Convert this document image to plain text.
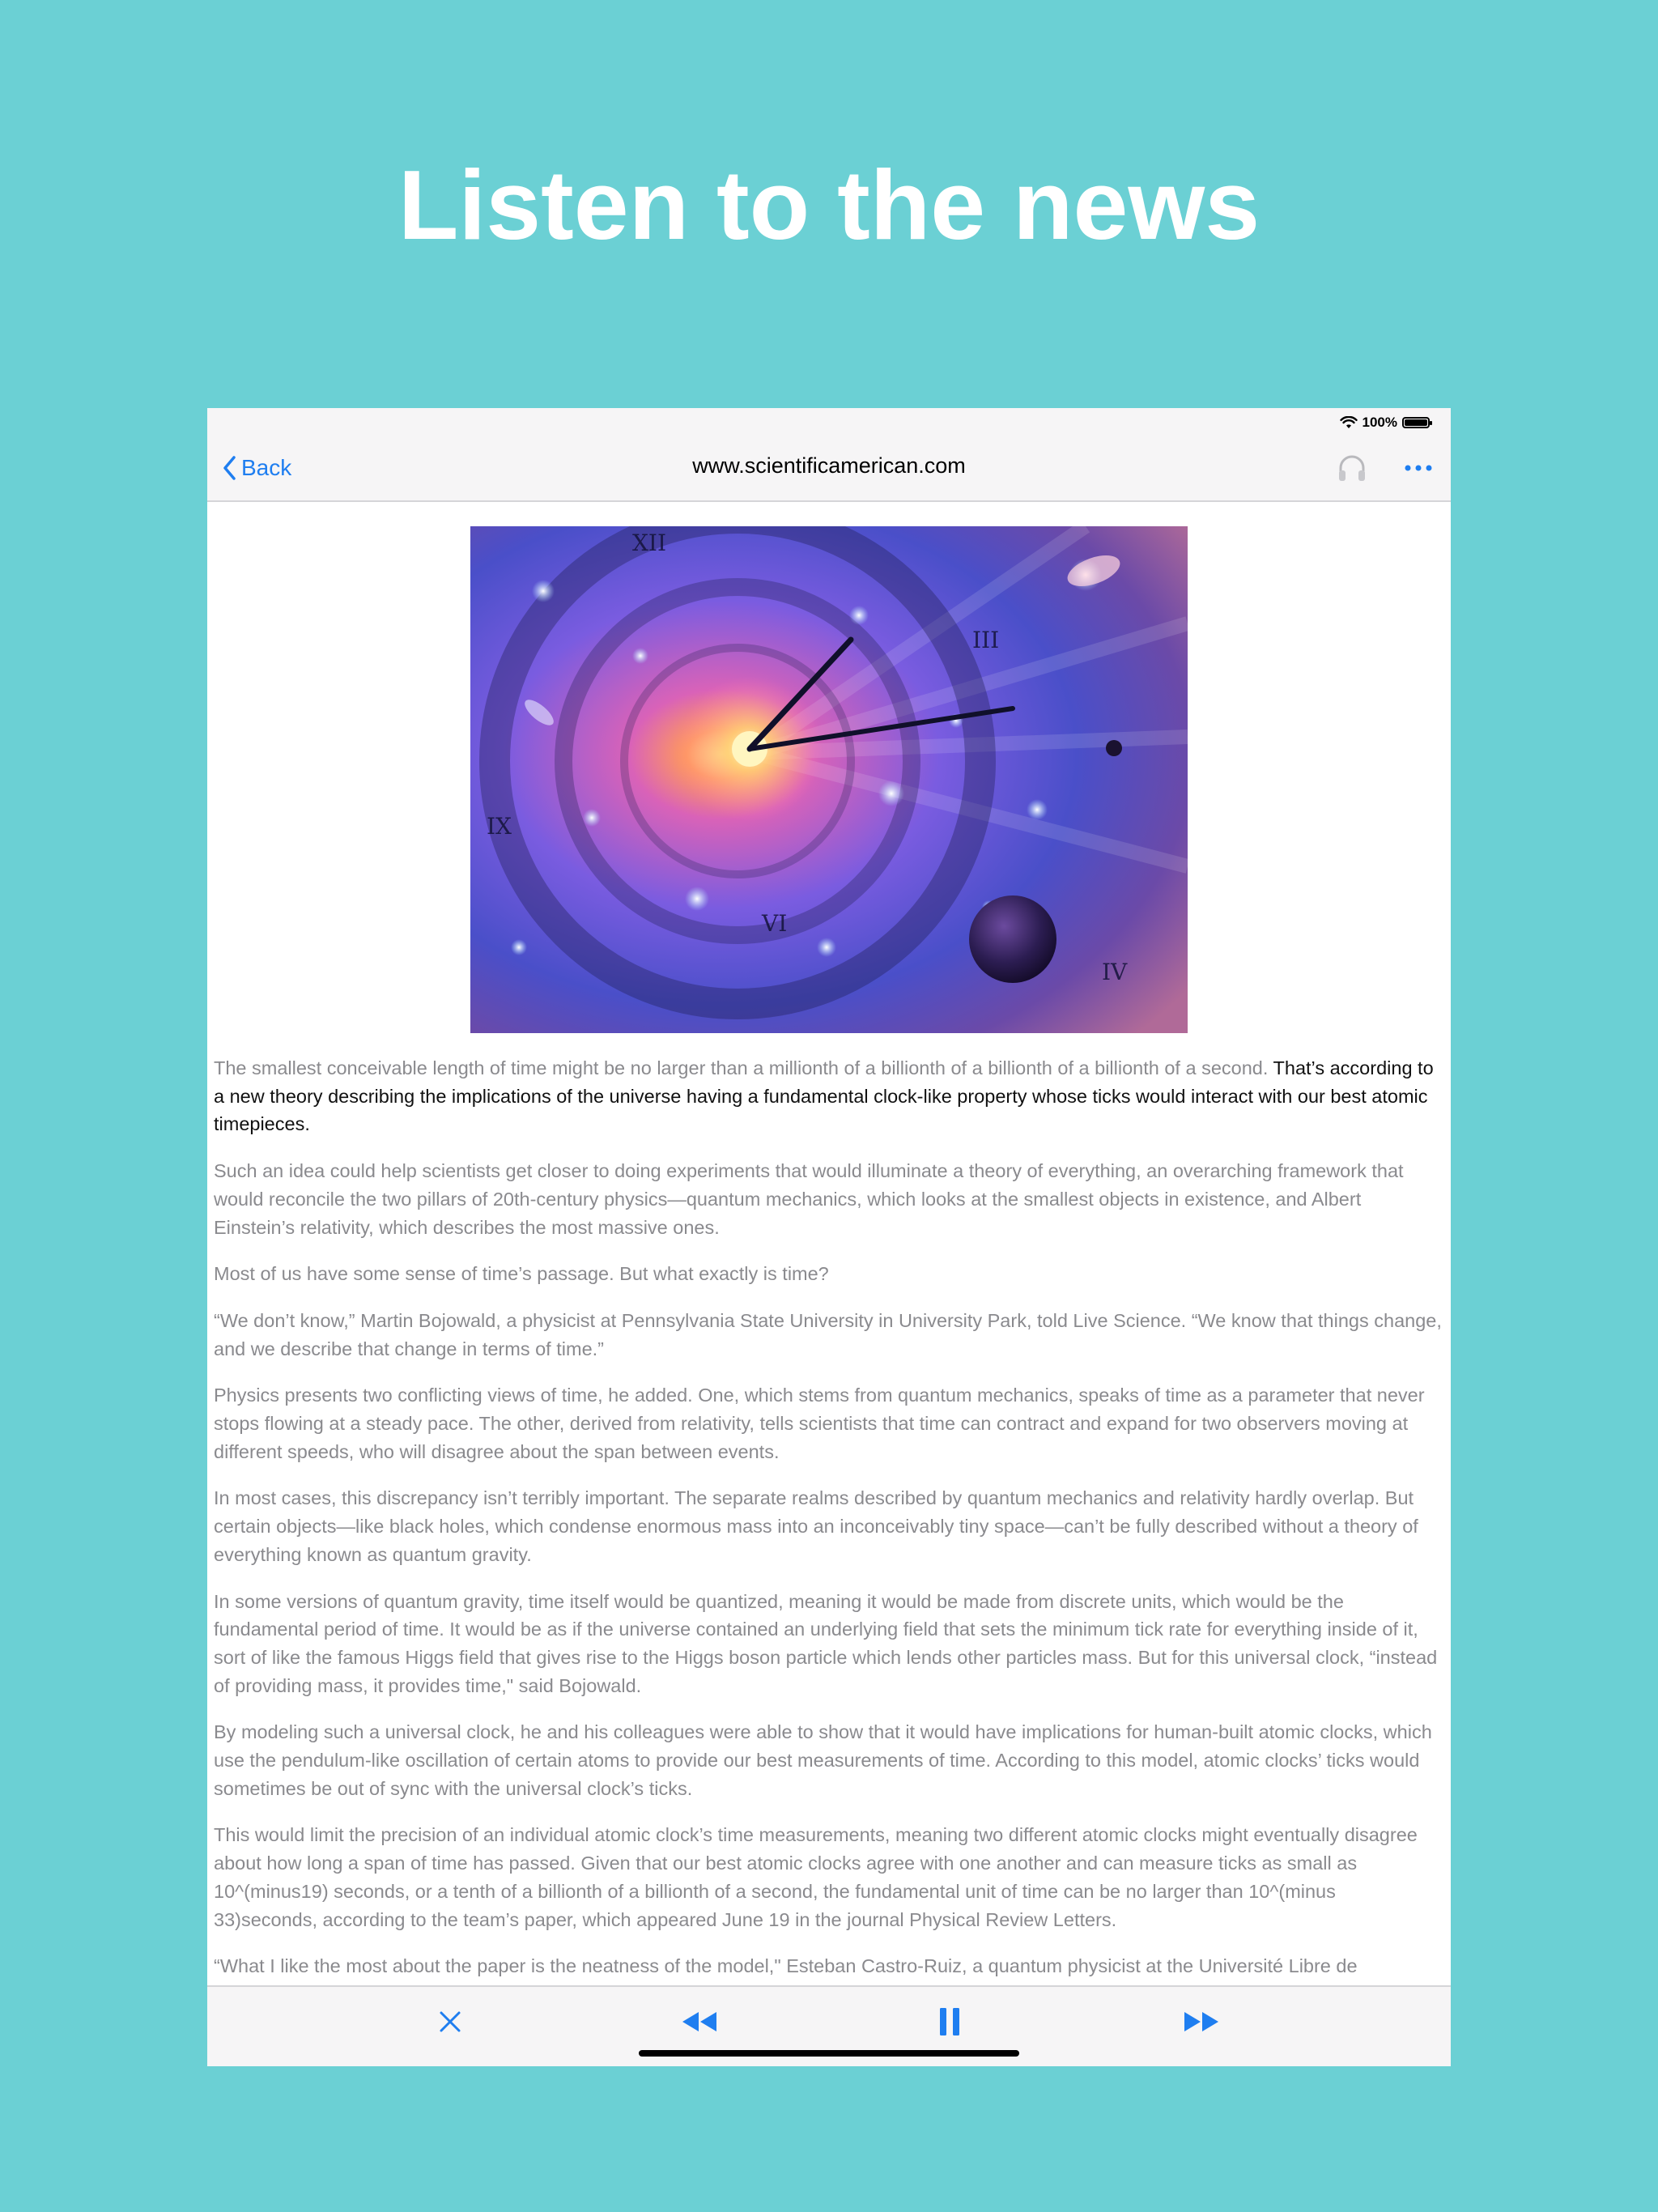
Listen to the news
100%
Back	www.scientificamerican.com
XII
III
IX
VI
IV

The smallest conceivable length of time might be no larger than a millionth of a billionth of a billionth of a billionth of a second. That’s according to a new theory describing the implications of the universe having a fundamental clock-like property whose ticks would interact with our best atomic timepieces.

Such an idea could help scientists get closer to doing experiments that would illuminate a theory of everything, an overarching framework that would reconcile the two pillars of 20th-century physics—quantum mechanics, which looks at the smallest objects in existence, and Albert Einstein’s relativity, which describes the most massive ones.

Most of us have some sense of time’s passage. But what exactly is time?

“We don’t know,” Martin Bojowald, a physicist at Pennsylvania State University in University Park, told Live Science. “We know that things change, and we describe that change in terms of time.”

Physics presents two conflicting views of time, he added. One, which stems from quantum mechanics, speaks of time as a parameter that never stops flowing at a steady pace. The other, derived from relativity, tells scientists that time can contract and expand for two observers moving at different speeds, who will disagree about the span between events.

In most cases, this discrepancy isn’t terribly important. The separate realms described by quantum mechanics and relativity hardly overlap. But certain objects—like black holes, which condense enormous mass into an inconceivably tiny space—can’t be fully described without a theory of everything known as quantum gravity.

In some versions of quantum gravity, time itself would be quantized, meaning it would be made from discrete units, which would be the fundamental period of time. It would be as if the universe contained an underlying field that sets the minimum tick rate for everything inside of it, sort of like the famous Higgs field that gives rise to the Higgs boson particle which lends other particles mass. But for this universal clock, “instead of providing mass, it provides time," said Bojowald.

By modeling such a universal clock, he and his colleagues were able to show that it would have implications for human-built atomic clocks, which use the pendulum-like oscillation of certain atoms to provide our best measurements of time. According to this model, atomic clocks’ ticks would sometimes be out of sync with the universal clock’s ticks.

This would limit the precision of an individual atomic clock’s time measurements, meaning two different atomic clocks might eventually disagree about how long a span of time has passed. Given that our best atomic clocks agree with one another and can measure ticks as small as 10^(minus19) seconds, or a tenth of a billionth of a billionth of a second, the fundamental unit of time can be no larger than 10^(minus 33)seconds, according to the team’s paper, which appeared June 19 in the journal Physical Review Letters.

“What I like the most about the paper is the neatness of the model," Esteban Castro-Ruiz, a quantum physicist at the Université Libre de
